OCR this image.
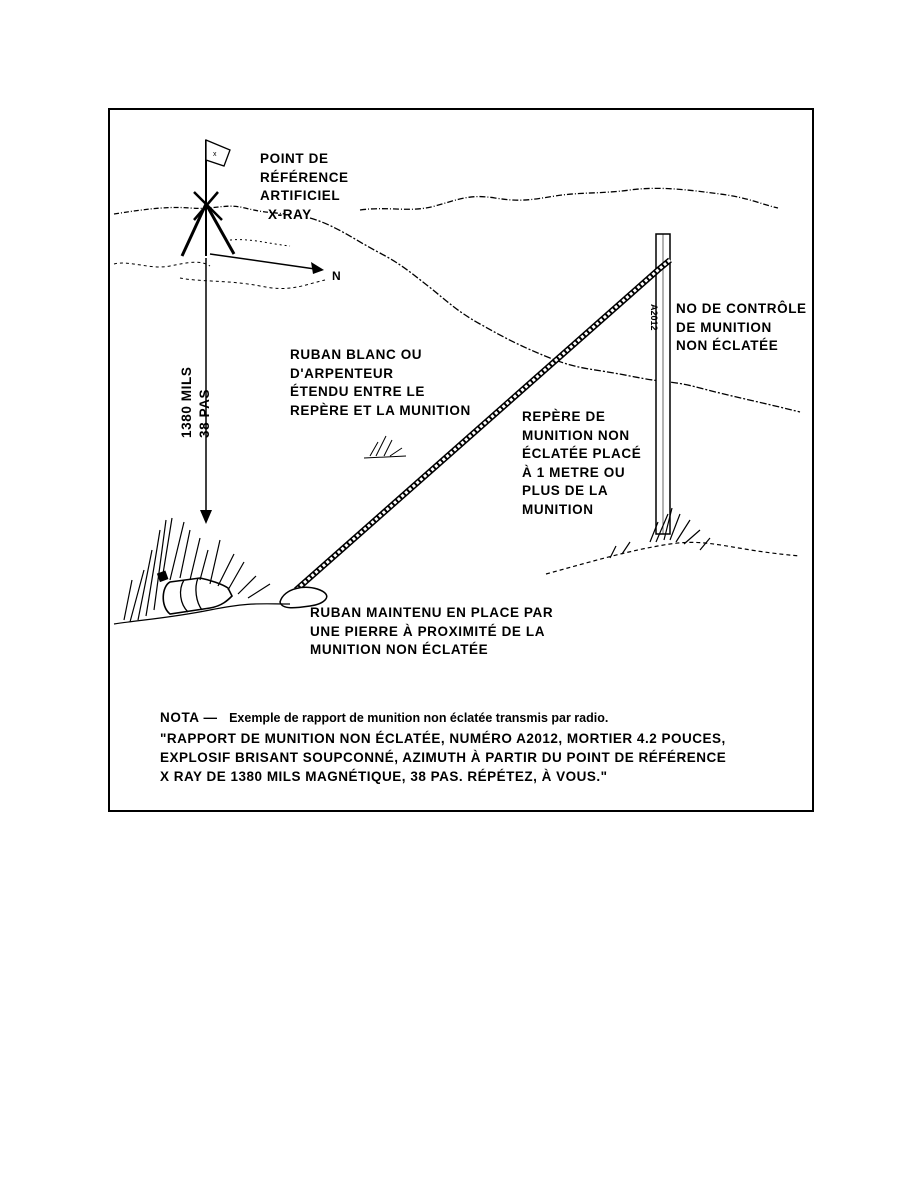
x
N
A2012
POINT DE
RÉFÉRENCE
ARTIFICIEL
X-RAY
1380 MILS 38 PAS
RUBAN BLANC OU
D'ARPENTEUR
ÉTENDU ENTRE LE
REPÈRE ET LA MUNITION
NO DE CONTRÔLE
DE MUNITION
NON ÉCLATÉE
REPÈRE DE
MUNITION NON
ÉCLATÉE PLACÉ
À 1 METRE OU
PLUS DE LA
MUNITION
RUBAN MAINTENU EN PLACE PAR
UNE PIERRE À PROXIMITÉ DE LA
MUNITION NON ÉCLATÉE
NOTA — Exemple de rapport de munition non éclatée transmis par radio.
"RAPPORT DE MUNITION NON ÉCLATÉE, NUMÉRO A2012, MORTIER 4.2 POUCES,
EXPLOSIF BRISANT SOUPCONNÉ, AZIMUTH À PARTIR DU POINT DE RÉFÉRENCE
X RAY DE 1380 MILS MAGNÉTIQUE, 38 PAS. RÉPÉTEZ, À VOUS."
